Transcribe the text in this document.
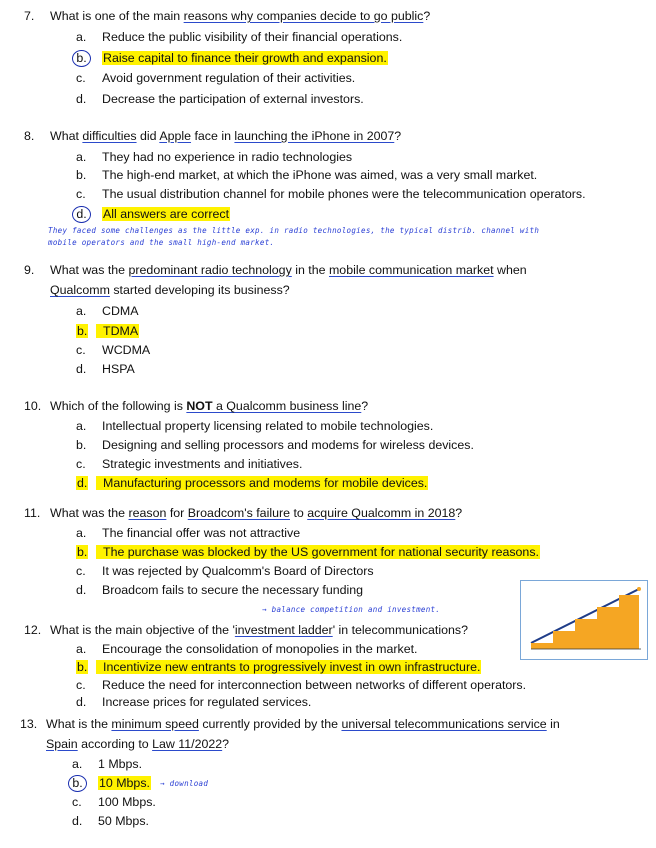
7. What is one of the main reasons why companies decide to go public?
a.	Reduce the public visibility of their financial operations.
b.	Raise capital to finance their growth and expansion.
c.	Avoid government regulation of their activities.
d.	Decrease the participation of external investors.
8. What difficulties did Apple face in launching the iPhone in 2007?
a.	They had no experience in radio technologies
b.	The high-end market, at which the iPhone was aimed, was a very small market.
c.	The usual distribution channel for mobile phones were the telecommunication operators.
d.	All answers are correct
They faced some challenges as the little exp. in radio technologies, the typical distrib. channel with
mobile operators and the small high-end market.
9. What was the predominant radio technology in the mobile communication market when
Qualcomm started developing its business?
a.	CDMA
b.	TDMA
c.	WCDMA
d.	HSPA
10. Which of the following is NOT a Qualcomm business line?
a.	Intellectual property licensing related to mobile technologies.
b.	Designing and selling processors and modems for wireless devices.
c.	Strategic investments and initiatives.
d.	Manufacturing processors and modems for mobile devices.
11. What was the reason for Broadcom's failure to acquire Qualcomm in 2018?
a.	The financial offer was not attractive
b.	The purchase was blocked by the US government for national security reasons.
c.	It was rejected by Qualcomm's Board of Directors
d.	Broadcom fails to secure the necessary funding
→ balance competition and investment.
12. What is the main objective of the 'investment ladder' in telecommunications?
a.	Encourage the consolidation of monopolies in the market.
b.	Incentivize new entrants to progressively invest in own infrastructure.
c.	Reduce the need for interconnection between networks of different operators.
d.	Increase prices for regulated services.
13. What is the minimum speed currently provided by the universal telecommunications service in
Spain according to Law 11/2022?
a.	1 Mbps.
b.	10 Mbps. → download
c.	100 Mbps.
d.	50 Mbps.
